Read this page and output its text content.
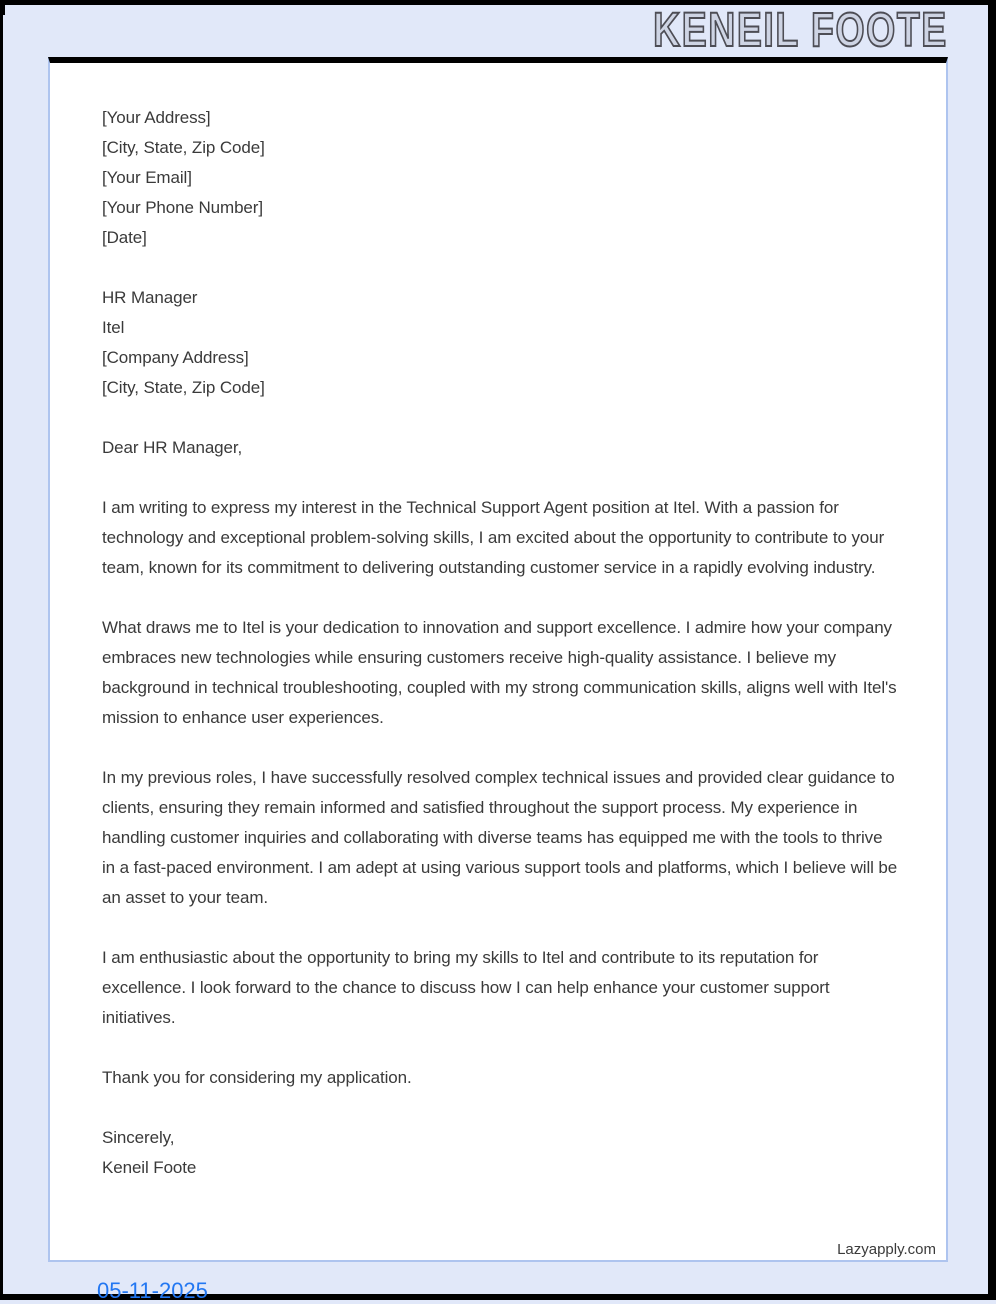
KENEIL FOOTE
[Your Address]
[City, State, Zip Code]
[Your Email]
[Your Phone Number]
[Date]
HR Manager
Itel
[Company Address]
[City, State, Zip Code]
Dear HR Manager,

I am writing to express my interest in the Technical Support Agent position at Itel. With a passion for technology and exceptional problem-solving skills, I am excited about the opportunity to contribute to your team, known for its commitment to delivering outstanding customer service in a rapidly evolving industry.

What draws me to Itel is your dedication to innovation and support excellence. I admire how your company embraces new technologies while ensuring customers receive high-quality assistance. I believe my background in technical troubleshooting, coupled with my strong communication skills, aligns well with Itel's mission to enhance user experiences.

In my previous roles, I have successfully resolved complex technical issues and provided clear guidance to clients, ensuring they remain informed and satisfied throughout the support process. My experience in handling customer inquiries and collaborating with diverse teams has equipped me with the tools to thrive in a fast-paced environment. I am adept at using various support tools and platforms, which I believe will be an asset to your team.

I am enthusiastic about the opportunity to bring my skills to Itel and contribute to its reputation for excellence. I look forward to the chance to discuss how I can help enhance your customer support initiatives.

Thank you for considering my application.

Sincerely,
Keneil Foote
Lazyapply.com
05-11-2025
